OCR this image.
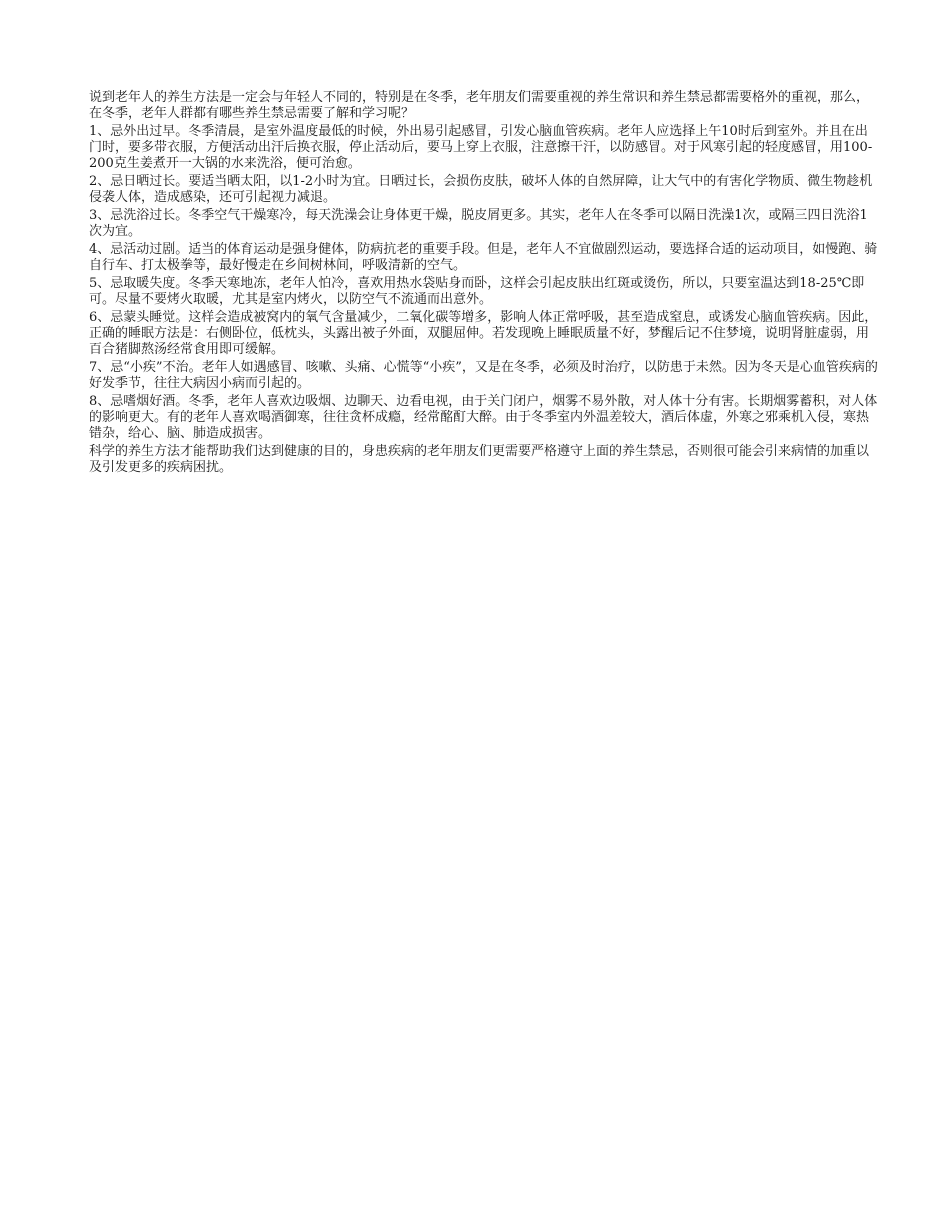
说到老年人的养生方法是一定会与年轻人不同的，特别是在冬季，老年朋友们需要重视的养生常识和养生禁忌都需要格外的重视，那么，在冬季，老年人群都有哪些养生禁忌需要了解和学习呢？

1、忌外出过早。冬季清晨，是室外温度最低的时候，外出易引起感冒，引发心脑血管疾病。老年人应选择上午10时后到室外。并且在出门时，要多带衣服，方便活动出汗后换衣服，停止活动后，要马上穿上衣服，注意擦干汗，以防感冒。对于风寒引起的轻度感冒，用100-200克生姜煮开一大锅的水来洗浴，便可治愈。

2、忌日晒过长。要适当晒太阳，以1-2小时为宜。日晒过长，会损伤皮肤，破坏人体的自然屏障，让大气中的有害化学物质、微生物趁机侵袭人体，造成感染，还可引起视力减退。

3、忌洗浴过长。冬季空气干燥寒冷，每天洗澡会让身体更干燥，脱皮屑更多。其实，老年人在冬季可以隔日洗澡1次，或隔三四日洗浴1次为宜。

4、忌活动过剧。适当的体育运动是强身健体，防病抗老的重要手段。但是，老年人不宜做剧烈运动，要选择合适的运动项目，如慢跑、骑自行车、打太极拳等，最好慢走在乡间树林间，呼吸清新的空气。

5、忌取暖失度。冬季天寒地冻，老年人怕冷，喜欢用热水袋贴身而卧，这样会引起皮肤出红斑或烫伤，所以，只要室温达到18-25℃即可。尽量不要烤火取暖，尤其是室内烤火，以防空气不流通而出意外。

6、忌蒙头睡觉。这样会造成被窝内的氧气含量减少，二氧化碳等增多，影响人体正常呼吸，甚至造成窒息，或诱发心脑血管疾病。因此，正确的睡眠方法是：右侧卧位，低枕头，头露出被子外面，双腿屈伸。若发现晚上睡眠质量不好，梦醒后记不住梦境，说明肾脏虚弱，用百合猪脚熬汤经常食用即可缓解。

7、忌“小疾”不治。老年人如遇感冒、咳嗽、头痛、心慌等“小疾”，又是在冬季，必须及时治疗，以防患于未然。因为冬天是心血管疾病的好发季节，往往大病因小病而引起的。

8、忌嗜烟好酒。冬季，老年人喜欢边吸烟、边聊天、边看电视，由于关门闭户，烟雾不易外散，对人体十分有害。长期烟雾蓄积，对人体的影响更大。有的老年人喜欢喝酒御寒，往往贪杯成瘾，经常酩酊大醉。由于冬季室内外温差较大，酒后体虚，外寒之邪乘机入侵，寒热错杂，给心、脑、肺造成损害。

科学的养生方法才能帮助我们达到健康的目的，身患疾病的老年朋友们更需要严格遵守上面的养生禁忌，否则很可能会引来病情的加重以及引发更多的疾病困扰。
